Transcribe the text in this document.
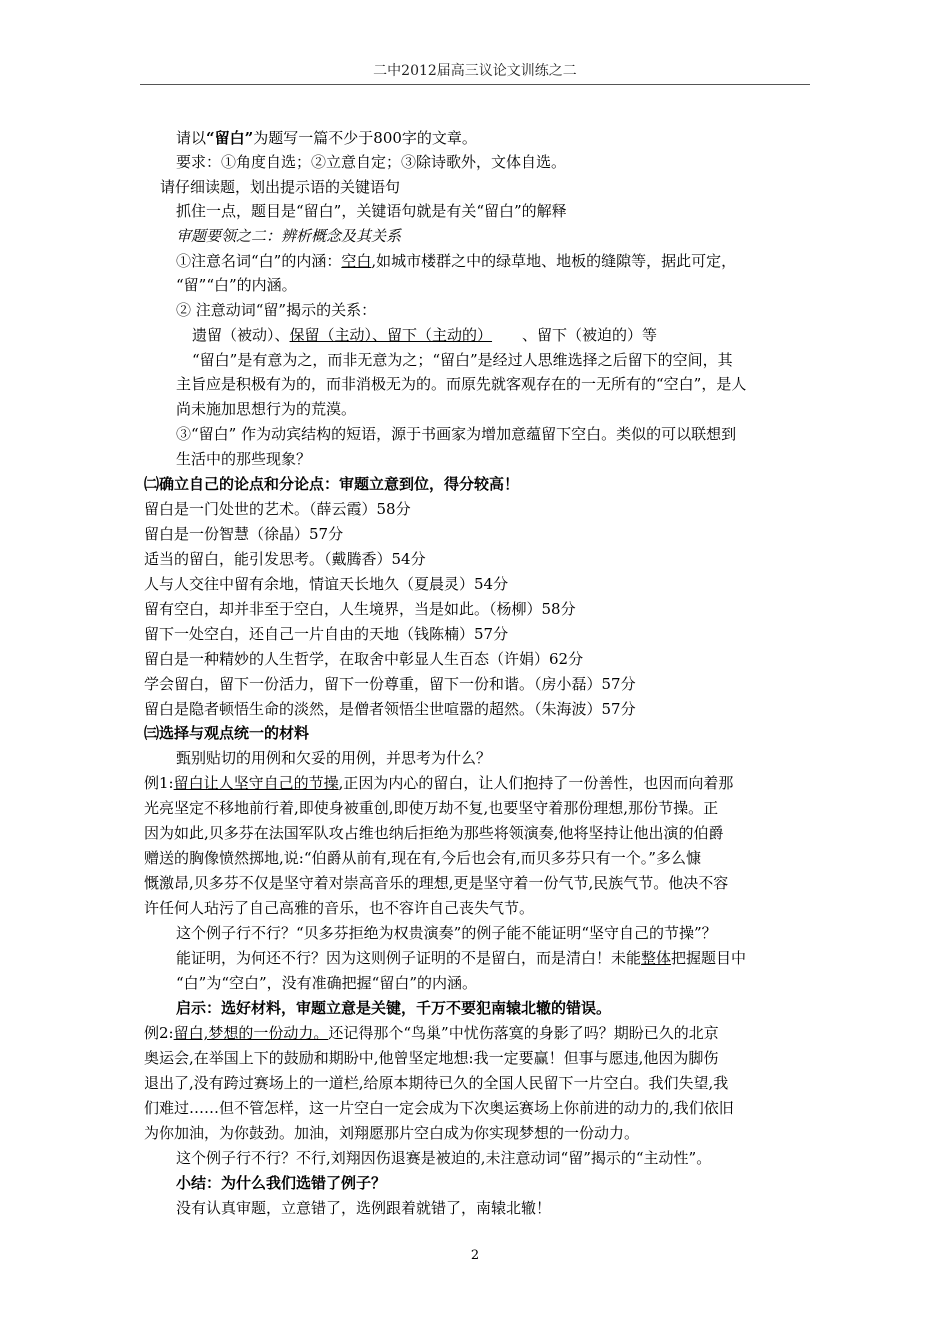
二中2012届高三议论文训练之二
请以“留白”为题写一篇不少于800字的文章。
要求：①角度自选；②立意自定；③除诗歌外，文体自选。
请仔细读题，划出提示语的关键语句
抓住一点，题目是“留白”，关键语句就是有关“留白”的解释
审题要领之二：辨析概念及其关系
①注意名词“白”的内涵：空白,如城市楼群之中的绿草地、地板的缝隙等，据此可定，
“留”“白”的内涵。
② 注意动词“留”揭示的关系：
遗留（被动）、保留（主动）、留下（主动的） 、留下（被迫的）等
“留白”是有意为之，而非无意为之；“留白”是经过人思维选择之后留下的空间，其
主旨应是积极有为的，而非消极无为的。而原先就客观存在的一无所有的“空白”，是人
尚未施加思想行为的荒漠。
③“留白” 作为动宾结构的短语，源于书画家为增加意蕴留下空白。类似的可以联想到
生活中的那些现象？
㈡确立自己的论点和分论点：审题立意到位，得分较高！
留白是一门处世的艺术。（薛云霞）58分
留白是一份智慧（徐晶）57分
适当的留白，能引发思考。（戴腾香）54分
人与人交往中留有余地，情谊天长地久（夏晨灵）54分
留有空白，却并非至于空白，人生境界，当是如此。（杨柳）58分
留下一处空白，还自己一片自由的天地（钱陈楠）57分
留白是一种精妙的人生哲学，在取舍中彰显人生百态（许娟）62分
学会留白，留下一份活力，留下一份尊重，留下一份和谐。（房小磊）57分
留白是隐者顿悟生命的淡然，是僧者领悟尘世喧嚣的超然。（朱海波）57分
㈢选择与观点统一的材料
甄别贴切的用例和欠妥的用例，并思考为什么？
例1:留白让人坚守自己的节操,正因为内心的留白，让人们抱持了一份善性，也因而向着那
光亮坚定不移地前行着,即使身被重创,即使万劫不复,也要坚守着那份理想,那份节操。正
因为如此,贝多芬在法国军队攻占维也纳后拒绝为那些将领演奏,他将坚持让他出演的伯爵
赠送的胸像愤然掷地,说:“伯爵从前有,现在有,今后也会有,而贝多芬只有一个。”多么慷
慨激昂,贝多芬不仅是坚守着对崇高音乐的理想,更是坚守着一份气节,民族气节。他决不容
许任何人玷污了自己高雅的音乐，也不容许自己丧失气节。
这个例子行不行？“贝多芬拒绝为权贵演奏”的例子能不能证明“坚守自己的节操”？
能证明，为何还不行？因为这则例子证明的不是留白，而是清白！未能整体把握题目中
“白”为“空白”，没有准确把握“留白”的内涵。
启示：选好材料，审题立意是关键，千万不要犯南辕北辙的错误。
例2:留白,梦想的一份动力。还记得那个“鸟巢”中忧伤落寞的身影了吗？期盼已久的北京
奥运会,在举国上下的鼓励和期盼中,他曾坚定地想:我一定要赢！但事与愿违,他因为脚伤
退出了,没有跨过赛场上的一道栏,给原本期待已久的全国人民留下一片空白。我们失望,我
们难过……但不管怎样，这一片空白一定会成为下次奥运赛场上你前进的动力的,我们依旧
为你加油，为你鼓劲。加油，刘翔愿那片空白成为你实现梦想的一份动力。
这个例子行不行？不行,刘翔因伤退赛是被迫的,未注意动词“留”揭示的“主动性”。
小结：为什么我们选错了例子？
没有认真审题，立意错了，选例跟着就错了，南辕北辙！
2
